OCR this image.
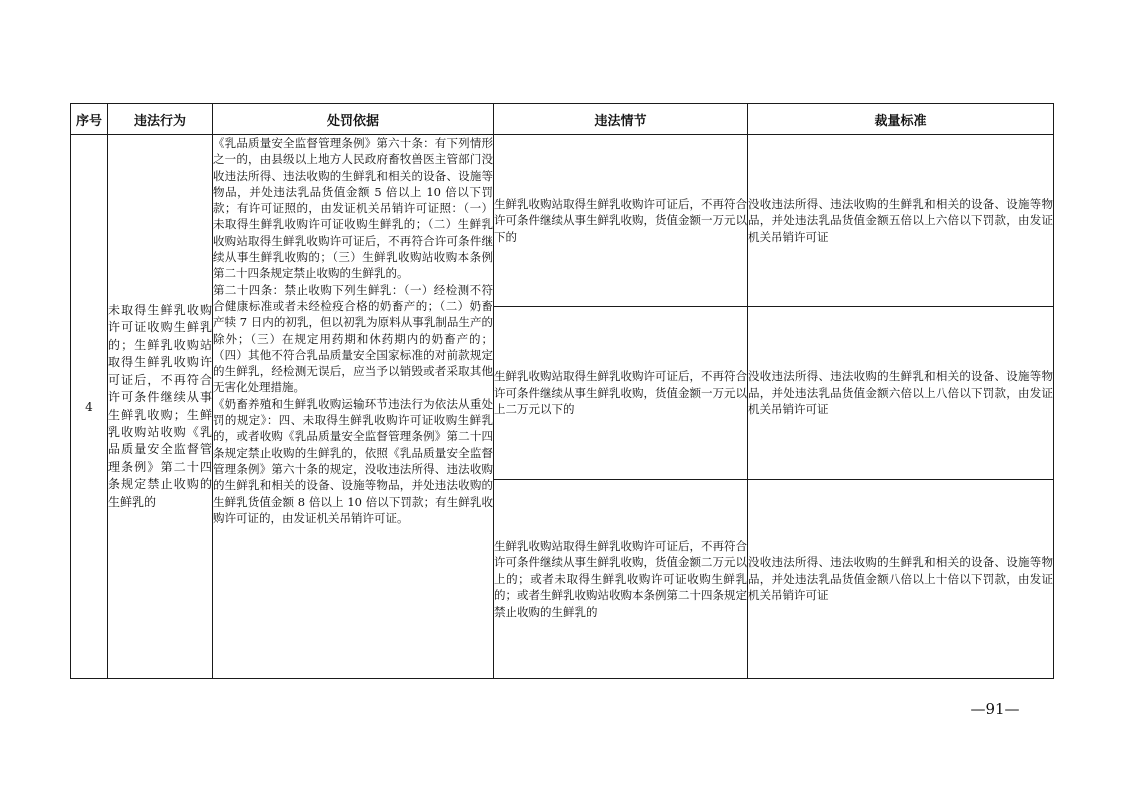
序号	违法行为	处罚依据	违法情节	裁量标准
4	未取得生鲜乳收购许可证收购生鲜乳的；生鲜乳收购站取得生鲜乳收购许可证后，不再符合许可条件继续从事生鲜乳收购；生鲜乳收购站收购《乳品质量安全监督管理条例》第二十四条规定禁止收购的生鲜乳的	《乳品质量安全监督管理条例》第六十条：有下列情形之一的，由县级以上地方人民政府畜牧兽医主管部门没收违法所得、违法收购的生鲜乳和相关的设备、设施等物品，并处违法乳品货值金额 5 倍以上 10 倍以下罚款；有许可证照的，由发证机关吊销许可证照：（一）未取得生鲜乳收购许可证收购生鲜乳的；（二）生鲜乳收购站取得生鲜乳收购许可证后，不再符合许可条件继续从事生鲜乳收购的；（三）生鲜乳收购站收购本条例第二十四条规定禁止收购的生鲜乳的。
第二十四条：禁止收购下列生鲜乳：（一）经检测不符合健康标准或者未经检疫合格的奶畜产的；（二）奶畜产犊 7 日内的初乳，但以初乳为原料从事乳制品生产的除外；（三）在规定用药期和休药期内的奶畜产的；（四）其他不符合乳品质量安全国家标准的对前款规定的生鲜乳，经检测无误后，应当予以销毁或者采取其他无害化处理措施。
《奶畜养殖和生鲜乳收购运输环节违法行为依法从重处罚的规定》：四、未取得生鲜乳收购许可证收购生鲜乳的，或者收购《乳品质量安全监督管理条例》第二十四条规定禁止收购的生鲜乳的，依照《乳品质量安全监督管理条例》第六十条的规定，没收违法所得、违法收购的生鲜乳和相关的设备、设施等物品，并处违法收购的生鲜乳货值金额 8 倍以上 10 倍以下罚款；有生鲜乳收购许可证的，由发证机关吊销许可证。	生鲜乳收购站取得生鲜乳收购许可证后，不再符合许可条件继续从事生鲜乳收购，货值金额一万元以下的	没收违法所得、违法收购的生鲜乳和相关的设备、设施等物品，并处违法乳品货值金额五倍以上六倍以下罚款，由发证机关吊销许可证
			生鲜乳收购站取得生鲜乳收购许可证后，不再符合许可条件继续从事生鲜乳收购，货值金额一万元以上二万元以下的	没收违法所得、违法收购的生鲜乳和相关的设备、设施等物品，并处违法乳品货值金额六倍以上八倍以下罚款，由发证机关吊销许可证
			生鲜乳收购站取得生鲜乳收购许可证后，不再符合许可条件继续从事生鲜乳收购，货值金额二万元以上的；或者未取得生鲜乳收购许可证收购生鲜乳的；或者生鲜乳收购站收购本条例第二十四条规定禁止收购的生鲜乳的	没收违法所得、违法收购的生鲜乳和相关的设备、设施等物品，并处违法乳品货值金额八倍以上十倍以下罚款，由发证机关吊销许可证
—91—
